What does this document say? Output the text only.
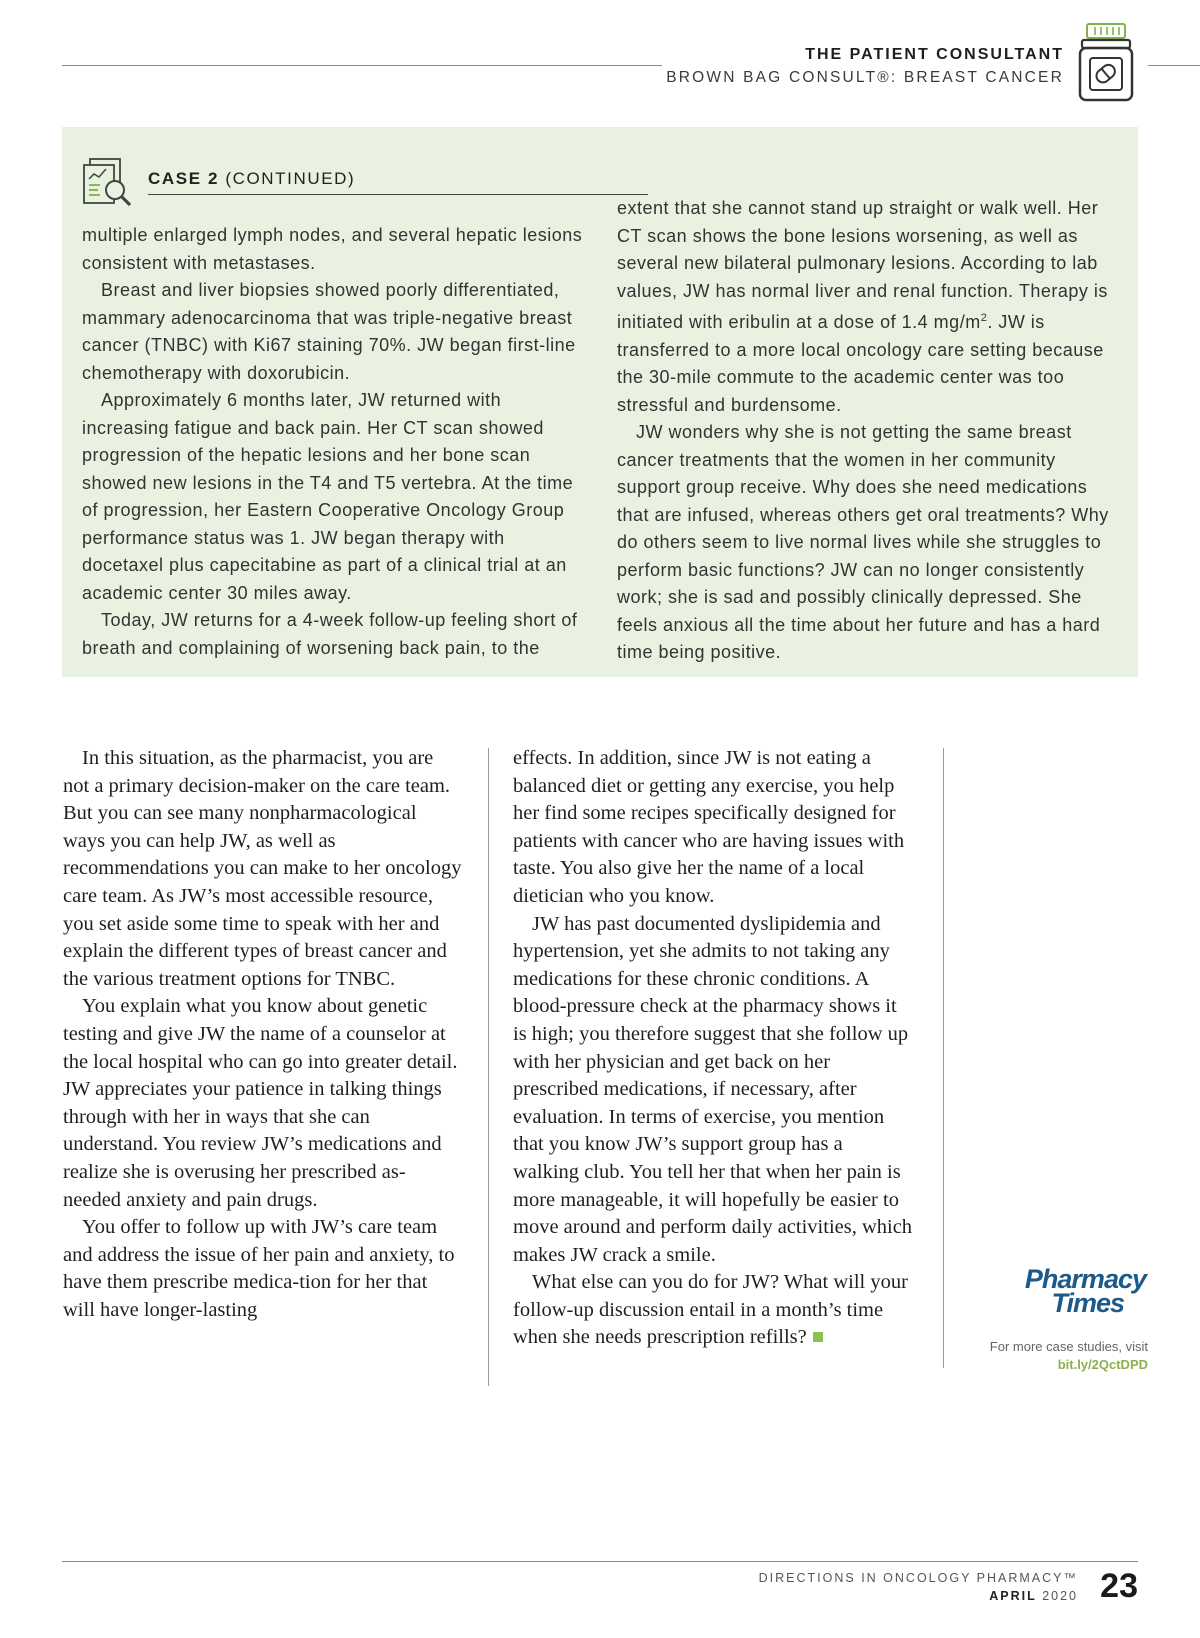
THE PATIENT CONSULTANT
BROWN BAG CONSULT®: BREAST CANCER
CASE 2 (CONTINUED)

multiple enlarged lymph nodes, and several hepatic lesions consistent with metastases.

Breast and liver biopsies showed poorly differentiated, mammary adenocarcinoma that was triple-negative breast cancer (TNBC) with Ki67 staining 70%. JW began first-line chemotherapy with doxorubicin.

Approximately 6 months later, JW returned with increasing fatigue and back pain. Her CT scan showed progression of the hepatic lesions and her bone scan showed new lesions in the T4 and T5 vertebra. At the time of progression, her Eastern Cooperative Oncology Group performance status was 1. JW began therapy with docetaxel plus capecitabine as part of a clinical trial at an academic center 30 miles away.

Today, JW returns for a 4-week follow-up feeling short of breath and complaining of worsening back pain, to the

extent that she cannot stand up straight or walk well. Her CT scan shows the bone lesions worsening, as well as several new bilateral pulmonary lesions. According to lab values, JW has normal liver and renal function. Therapy is initiated with eribulin at a dose of 1.4 $mg/m^2$. JW is transferred to a more local oncology care setting because the 30-mile commute to the academic center was too stressful and burdensome.

JW wonders why she is not getting the same breast cancer treatments that the women in her community support group receive. Why does she need medications that are infused, whereas others get oral treatments? Why do others seem to live normal lives while she struggles to perform basic functions? JW can no longer consistently work; she is sad and possibly clinically depressed. She feels anxious all the time about her future and has a hard time being positive.

In this situation, as the pharmacist, you are not a primary decision-maker on the care team. But you can see many nonpharmacological ways you can help JW, as well as recommendations you can make to her oncology care team. As JW’s most accessible resource, you set aside some time to speak with her and explain the different types of breast cancer and the various treatment options for TNBC.

You explain what you know about genetic testing and give JW the name of a counselor at the local hospital who can go into greater detail. JW appreciates your patience in talking things through with her in ways that she can understand. You review JW’s medications and realize she is overusing her prescribed as-needed anxiety and pain drugs.

You offer to follow up with JW’s care team and address the issue of her pain and anxiety, to have them prescribe medica-tion for her that will have longer-lasting

effects. In addition, since JW is not eating a balanced diet or getting any exercise, you help her find some recipes specifically designed for patients with cancer who are having issues with taste. You also give her the name of a local dietician who you know.

JW has past documented dyslipidemia and hypertension, yet she admits to not taking any medications for these chronic conditions. A blood-pressure check at the pharmacy shows it is high; you therefore suggest that she follow up with her physician and get back on her prescribed medications, if necessary, after evaluation. In terms of exercise, you mention that you know JW’s support group has a walking club. You tell her that when her pain is more manageable, it will hopefully be easier to move around and perform daily activities, which makes JW crack a smile.

What else can you do for JW? What will your follow-up discussion entail in a month’s time when she needs prescription refills?

Pharmacy
Times
For more case studies, visit
bit.ly/2QctDPD
DIRECTIONS IN ONCOLOGY PHARMACY™
APRIL 2020 23
